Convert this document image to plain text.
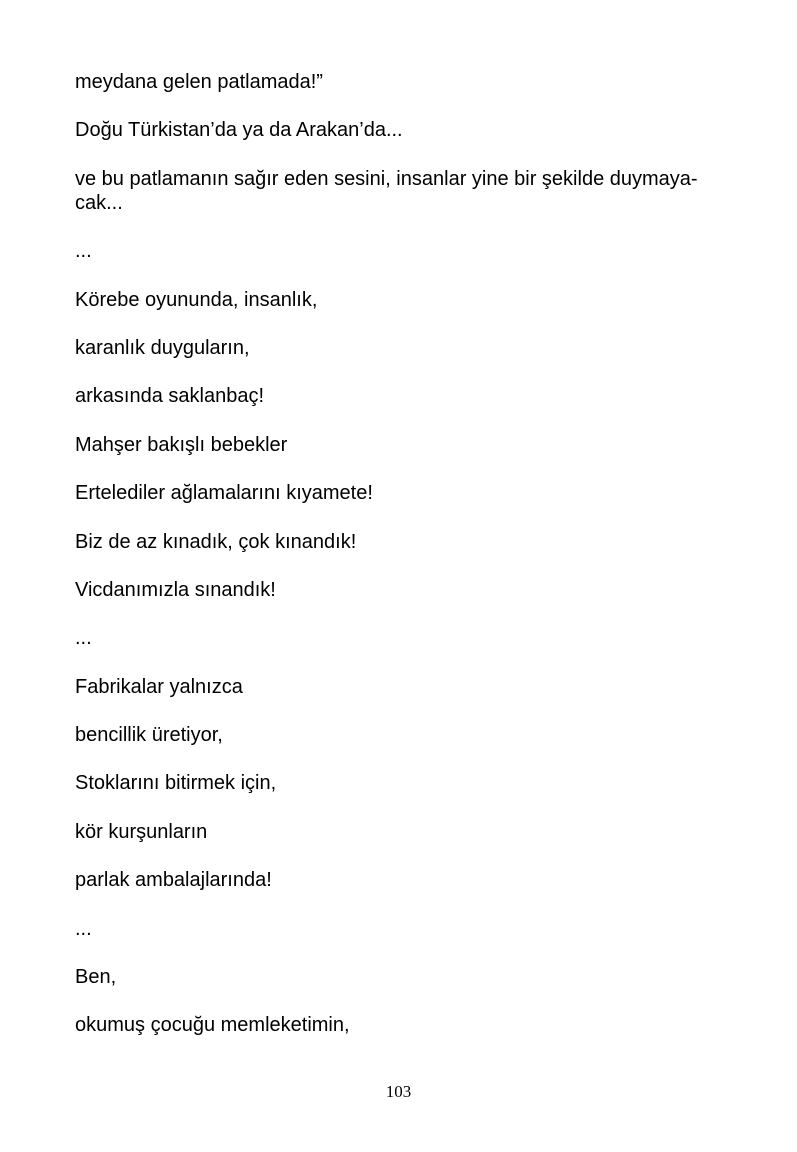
meydana gelen patlamada!”

Doğu Türkistan’da ya da Arakan’da...

ve bu patlamanın sağır eden sesini, insanlar yine bir şekilde duymaya-
cak...

...

Körebe oyununda, insanlık,

karanlık duyguların,

arkasında saklanbaç!

Mahşer bakışlı bebekler

Ertelediler ağlamalarını kıyamete!

Biz de az kınadık, çok kınandık!

Vicdanımızla sınandık!

...

Fabrikalar yalnızca

bencillik üretiyor,

Stoklarını bitirmek için,

kör kurşunların

parlak ambalajlarında!

...

Ben,

okumuş çocuğu memleketimin,

103
